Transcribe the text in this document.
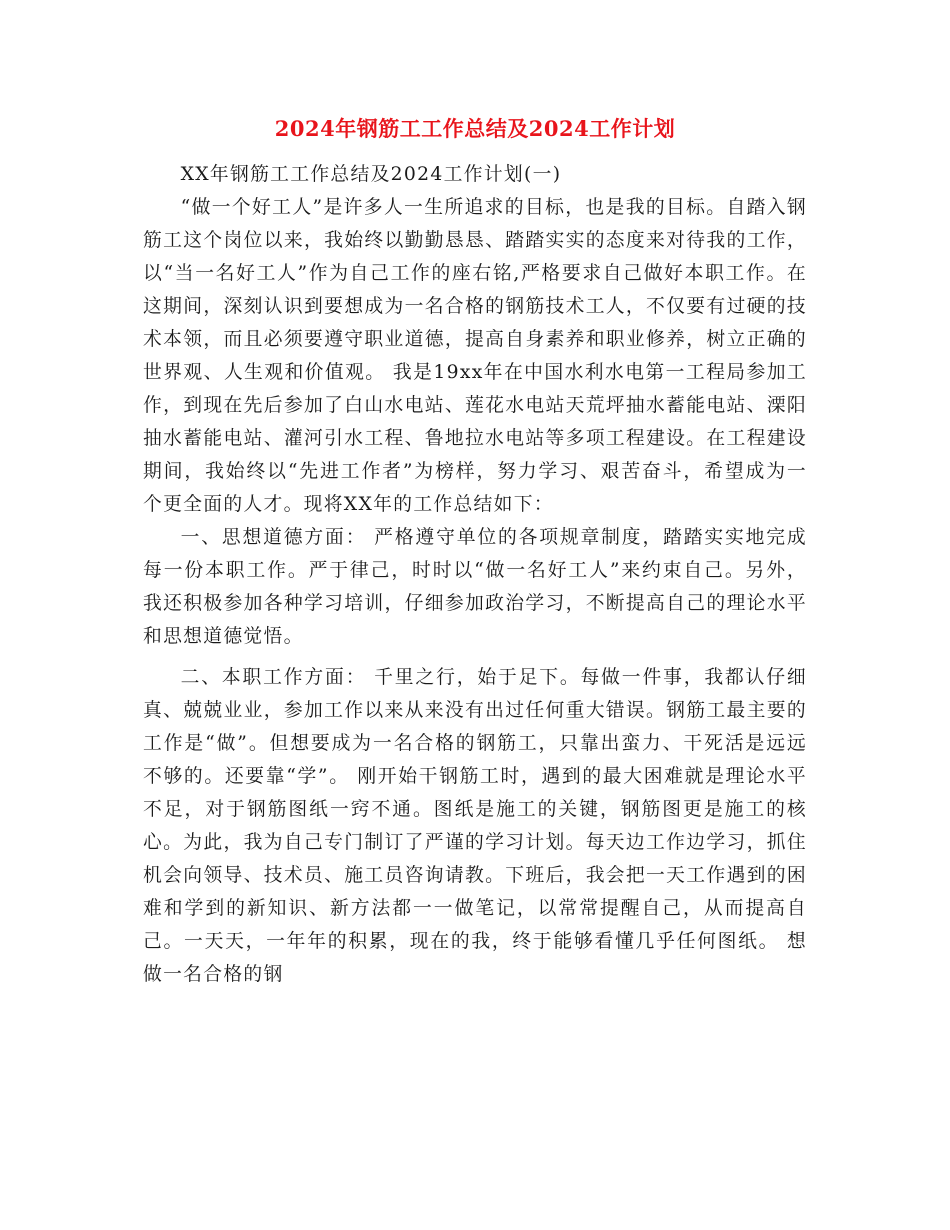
2024年钢筋工工作总结及2024工作计划

XX年钢筋工工作总结及2024工作计划(一)

“做一个好工人”是许多人一生所追求的目标，也是我的目标。自踏入钢筋工这个岗位以来，我始终以勤勤恳恳、踏踏实实的态度来对待我的工作，以“当一名好工人”作为自己工作的座右铭,严格要求自己做好本职工作。在这期间，深刻认识到要想成为一名合格的钢筋技术工人，不仅要有过硬的技术本领，而且必须要遵守职业道德，提高自身素养和职业修养，树立正确的世界观、人生观和价值观。 我是19xx年在中国水利水电第一工程局参加工作，到现在先后参加了白山水电站、莲花水电站天荒坪抽水蓄能电站、溧阳抽水蓄能电站、灌河引水工程、鲁地拉水电站等多项工程建设。在工程建设期间，我始终以“先进工作者”为榜样，努力学习、艰苦奋斗，希望成为一个更全面的人才。现将XX年的工作总结如下：

一、思想道德方面： 严格遵守单位的各项规章制度，踏踏实实地完成每一份本职工作。严于律己，时时以“做一名好工人”来约束自己。另外，我还积极参加各种学习培训，仔细参加政治学习，不断提高自己的理论水平和思想道德觉悟。

二、本职工作方面： 千里之行，始于足下。每做一件事，我都认仔细真、兢兢业业，参加工作以来从来没有出过任何重大错误。钢筋工最主要的工作是“做”。但想要成为一名合格的钢筋工，只靠出蛮力、干死活是远远不够的。还要靠“学”。 刚开始干钢筋工时，遇到的最大困难就是理论水平不足，对于钢筋图纸一窍不通。图纸是施工的关键，钢筋图更是施工的核心。为此，我为自己专门制订了严谨的学习计划。每天边工作边学习，抓住机会向领导、技术员、施工员咨询请教。下班后，我会把一天工作遇到的困难和学到的新知识、新方法都一一做笔记，以常常提醒自己，从而提高自己。一天天，一年年的积累，现在的我，终于能够看懂几乎任何图纸。 想做一名合格的钢
